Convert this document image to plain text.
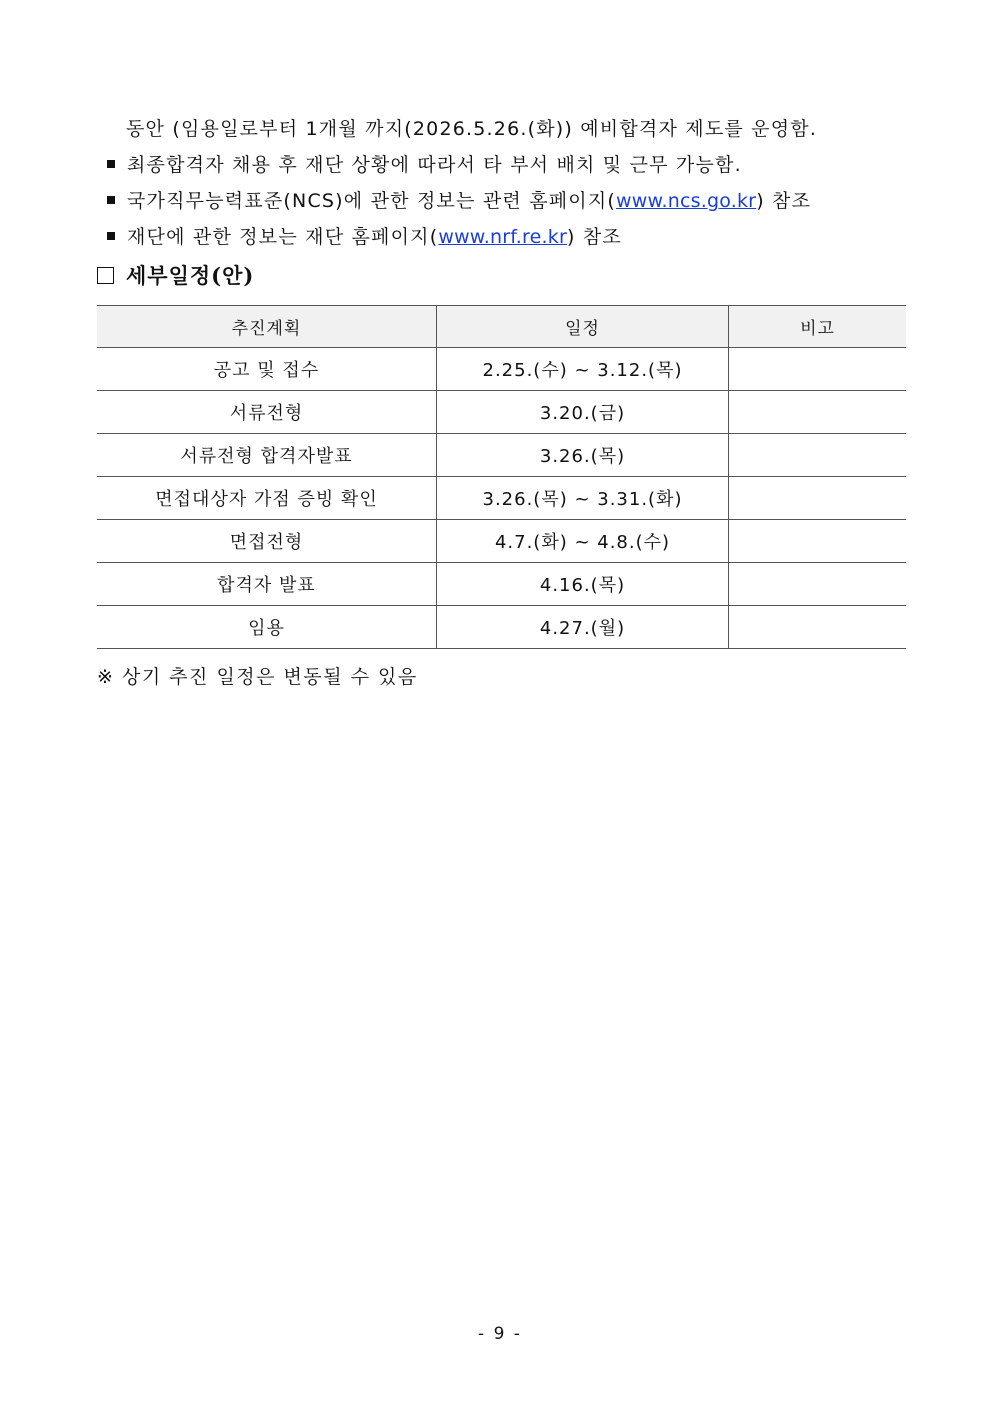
동안 (임용일로부터 1개월 까지(2026.5.26.(화)) 예비합격자 제도를 운영함.
최종합격자 채용 후 재단 상황에 따라서 타 부서 배치 및 근무 가능함.
국가직무능력표준(NCS)에 관한 정보는 관련 홈페이지(www.ncs.go.kr) 참조
재단에 관한 정보는 재단 홈페이지(www.nrf.re.kr) 참조
세부일정(안)
추진계획	일정	비고
공고 및 접수	2.25.(수) ~ 3.12.(목)	
서류전형	3.20.(금)	
서류전형 합격자발표	3.26.(목)	
면접대상자 가점 증빙 확인	3.26.(목) ~ 3.31.(화)	
면접전형	4.7.(화) ~ 4.8.(수)	
합격자 발표	4.16.(목)	
임용	4.27.(월)	
※ 상기 추진 일정은 변동될 수 있음
- 9 -
